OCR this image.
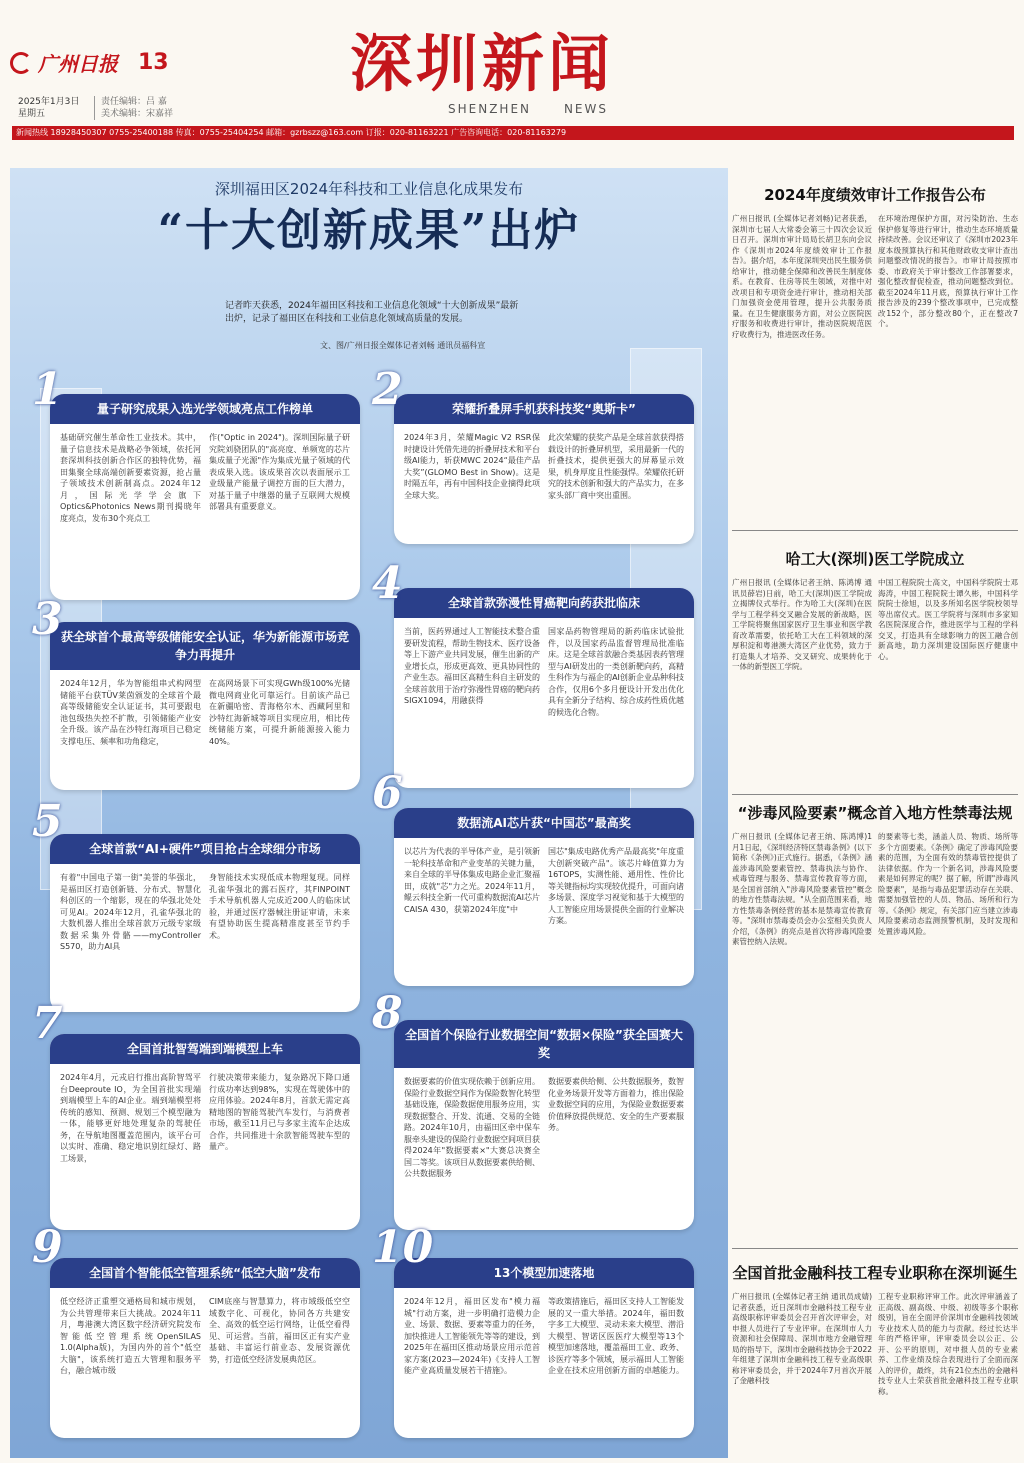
广州日报 13
2025年1月3日
星期五
责任编辑：吕 嘉
美术编辑：宋嘉祥
深圳新闻
SHENZHEN	NEWS
新闻热线 18928450307 0755-25400188 传真：0755-25404254 邮箱：gzrbszz@163.com 订报：020-81163221 广告咨询电话：020-81163279
深圳福田区2024年科技和工业信息化成果发布
“十大创新成果”出炉
记者昨天获悉，2024年福田区科技和工业信息化领域“十大创新成果”最新出炉，记录了福田区在科技和工业信息化领域高质量的发展。
文、图/广州日报全媒体记者刘畅 通讯员福科宣
1	量子研究成果入选光学领域亮点工作榜单
基础研究催生革命性工业技术。其中，量子信息技术是战略必争领域，依托河套深圳科技创新合作区的独特优势，福田集聚全球高端创新要素资源，抢占量子领域技术创新制高点。2024年12月，国际光学学会旗下Optics&Photonics News期刊揭晓年度亮点，发布30个亮点工
作("Optic in 2024")。深圳国际量子研究院刘骁团队的"高亮度、单频宽的芯片集成量子光源"作为集成光量子领域的代表成果入选。该成果首次以表面展示工业级量产能量子调控方面的巨大潜力，对基于量子中继器的量子互联网大规模部署具有重要意义。
2	荣耀折叠屏手机获科技奖“奥斯卡”
2024年3月，荣耀Magic V2 RSR保时捷设计凭借先进的折叠屏技术和平台级AI能力，斩获MWC 2024“最佳产品大奖”(GLOMO Best in Show)。这是时隔五年，再有中国科技企业摘得此项全球大奖。
此次荣耀的获奖产品是全球首款获得搭载设计的折叠屏机型，采用最新一代的折叠技术，提供更强大的屏幕显示效果，机身厚度且性能强悍。荣耀依托研究的技术创新和强大的产品实力，在多家头部厂商中突出重围。
3
获全球首个最高等级储能安全认证，华为新能源市场竞争力再提升
2024年12月，华为智能组串式构网型储能平台获TÜV莱茵颁发的全球首个最高等级储能安全认证证书，其可要跟电池包级热失控不扩散，引领储能产业安全升级。该产品在沙特红海项目已稳定支撑电压、频率和功角稳定，
在高网场景下可实现GWh级100%光储微电网商业化可靠运行。目前该产品已在新疆哈密、青海格尔木、西藏阿里和沙特红海新城等项目实现应用，相比传统储能方案，可提升新能源接入能力40%。
4	全球首款弥漫性胃癌靶向药获批临床
当前，医药界通过人工智能技术整合重要研发流程，帮助生物技术、医疗设备等上下游产业共同发展，催生出新的产业增长点，形成更高效、更具协同性的产业生态。福田区高精生科自主研发的全球首款用于治疗弥漫性胃癌的靶向药SIGX1094，用融获得
国家品药物管理局的新药临床试验批件，以及国家药品监督管理局批准临床。这是全球首款融合类基因表药管理型与AI研发出的一类创新靶向药，高精生科作为与福企的AI创新企业品种科技合作，仅用6个多月便设计开发出优化具有全新分子结构、综合成药性质优越的候选化合物。
5
全球首款“AI+硬件”项目抢占全球细分市场
有着"中国电子第一街"美誉的华强北，是福田区打造创新链、分布式、智慧化科创区的一个缩影，现在的华强北处处可见AI。2024年12月，孔雀华强北的大数机器人推出全球首款万元级专家级数据采集外骨骼——myController S570，助力AI具
身智能技术实现低成本物理复现。同样孔雀华强北的露石医疗，其FINPOINT手术导航机器人完成近200人的临床试验，并通过医疗器械注册证审请，未来有望协助医生提高精准度甚至节约手术。
6
数据流AI芯片获“中国芯”最高奖
以芯片为代表的半导体产业，是引领新一轮科技革命和产业变革的关键力量，来自全球的半导体集成电路企业汇聚福田，成就"芯"力之光。2024年11月，鲲云科技全新一代可重构数据流AI芯片CAISA 430，获第2024年度"中
国芯"集成电路优秀产品最高奖"年度重大创新突破产品"。该芯片峰值算力为16TOPS，实测性能、通用性、性价比等关键指标均实现较优提升，可面向诸多场景、深度学习视觉和基于大模型的人工智能应用场景提供全面的行业解决方案。
7	全国首批智驾端到端模型上车
2024年4月，元戎启行推出高阶智驾平台Deeproute IO，为全国首批实现端到端模型上车的AI企业。端到端模型将传统的感知、预测、规划三个模型融为一体，能够更好地处理复杂的驾驶任务，在导航地图覆盖范围内，该平台可以实时、准确、稳定地识别红绿灯、路工场景，
行驶决策带来能力，复杂路况下降口通行成功率达到98%，实现在驾驶体中的应用体验。2024年8月，首款无需定高精地图的智能驾驶汽车发行，与消费者市场，截至11月已与多家主流车企达成合作，共同推进十余款智能驾驶车型的量产。
8 全国首个保险行业数据空间“数据×保险”获全国赛大奖
数据要素的价值实现依赖于创新应用。保险行业数据空间作为保险数智化转型基础设施，保险数据使用服务应用，实现数据整合、开发、流通、交易的全链路。2024年10月，由福田区牵中保车服牵头建设的保险行业数据空间项目获得2024年"数据要素×"大赛总决赛全国二等奖。该项目从数据要素供给侧、公共数据服务
数据要素供给侧、公共数据服务，数智化业务场景开发等方面着力，推出保险业数据空间的应用，为保险业数据要素价值释放提供规范、安全的生产要素服务。
9	全国首个智能低空管理系统“低空大脑”发布
低空经济正重塑交通格局和城市规划，为公共管理带来巨大挑战。2024年11月，粤港澳大湾区数字经济研究院发布智能低空管理系统OpenSILAS 1.0(Alpha版)，为国内外的首个"低空大脑"，该系统打造五大管理和服务平台，融合城市级
CIM底座与智慧算力，将市域级低空空域数字化、可视化，协同各方共建安全、高效的低空运行网络，让低空看得见、可运营。当前，福田区正有实产业基础、丰富运行前业态、发展资源优势，打造低空经济发展典范区。
10	13个模型加速落地
2024年12月，福田区发布"模力福城"行动方案，进一步明确打造模力企业、场景、数据、要素等重力的任务，加快推进人工智能领先等等的建设，到2025年在福田区推动场景应用示范首家方案(2023—2024年)《支持人工智能产业高质量发展若干措施》。
等政策措施后，福田区支持人工智能发展的又一重大举措。2024年，福田数字多工大模型、灵动未来大模型、潜沿大模型、智诺区医医疗大模型等13个模型加速落地，覆盖福田工业、政务、诊医疗等多个领域，展示福田人工智能企业在技术应用创新方面的卓越能力。
2024年度绩效审计工作报告公布
广州日报讯 (全媒体记者刘畅)记者获悉，深圳市七届人大常委会第三十四次会议近日召开。深圳市审计局局长胡卫东向会议作《深圳市2024年度绩效审计工作报告》。据介绍，本年度深圳突出民生服务供给审计，推动健全保障和改善民生制度体系。在教育、住房等民生领域，对推中对改项目和专项资金进行审计，推动相关部门加强资金使用管理，提升公共服务质量。在卫生健康服务方面，对公立医院医疗服务和收费进行审计，推动医院规范医疗收费行为，推进医改任务。
在环境治理保护方面，对污染防治、生态保护修复等进行审计，推动生态环境质量持续改善。会议还审议了《深圳市2023年度本级预算执行和其他财政收支审计查出问题整改情况的报告》。市审计局按照市委、市政府关于审计整改工作部署要求，强化整改督促检查，推动问题整改到位。截至2024年11月底，预算执行审计工作报告涉及的239个整改事项中，已完成整改152个，部分整改80个，正在整改7个。
哈工大(深圳)医工学院成立
广州日报讯 (全媒体记者王纳、陈鸿博 通讯员薛岩)日前，哈工大(深圳)医工学院成立揭牌仪式举行。作为哈工大(深圳)在医学与工程学科交叉融合发展的新战略，医工学院将聚焦国家医疗卫生事业和医学教育改革需要，依托哈工大在工科领域的深厚积淀和粤港澳大湾区产业优势，致力于打造集人才培养、交叉研究、成果转化于一体的新型医工学院。
中国工程院院士高文，中国科学院院士邓海涛，中国工程院院士谭久彬，中国科学院院士徐旭，以及多所知名医学院校领导等出席仪式。医工学院将与深圳市多家知名医院深度合作，推进医学与工程的学科交叉，打造具有全球影响力的医工融合创新高地，助力深圳建设国际医疗健康中心。
“涉毒风险要素”概念首入地方性禁毒法规
广州日报讯 (全媒体记者王纳、陈鸿博)1月1日起，《深圳经济特区禁毒条例》(以下简称《条例》)正式施行。据悉，《条例》涵盖涉毒风险要素管控、禁毒执法与协作、戒毒管理与服务、禁毒宣传教育等方面，是全国首部纳入"涉毒风险要素管控"概念的地方性禁毒法规。"从全面范围来看，地方性禁毒条例经营的基本是禁毒宣传教育等。"深圳市禁毒委员会办公室相关负责人介绍，《条例》的亮点是首次将涉毒风险要素管控纳入法规。
的要素等七类，涵盖人员、物质、场所等多个方面要素。《条例》确定了涉毒风险要素的范围，为全面有效的禁毒管控提供了法律依据。作为一个新名词，涉毒风险要素是如何界定的呢？据了解，所谓"涉毒风险要素"，是指与毒品犯罪活动存在关联、需要加强管控的人员、物品、场所和行为等。《条例》规定，有关部门应当建立涉毒风险要素动态监测预警机制，及时发现和处置涉毒风险。
全国首批金融科技工程专业职称在深圳诞生
广州日报讯 (全媒体记者王纳 通讯员成婧)记者获悉，近日深圳市金融科技工程专业高级职称评审委员会召开首次评审会，对申报人员进行了专业评审。在深圳市人力资源和社会保障局、深圳市地方金融管理局的指导下，深圳市金融科技协会于2022年组建了深圳市金融科技工程专业高级职称评审委员会，并于2024年7月首次开展了金融科技
工程专业职称评审工作。此次评审涵盖了正高级、副高级、中级、初级等多个职称级别，旨在全面评价深圳市金融科技领域专业技术人员的能力与贡献。经过长达半年的严格评审，评审委员会以公正、公开、公平的原则，对申报人员的专业素养、工作业绩及综合表现进行了全面而深入的评价，最终，共有21位杰出的金融科技专业人士荣获首批金融科技工程专业职称。
